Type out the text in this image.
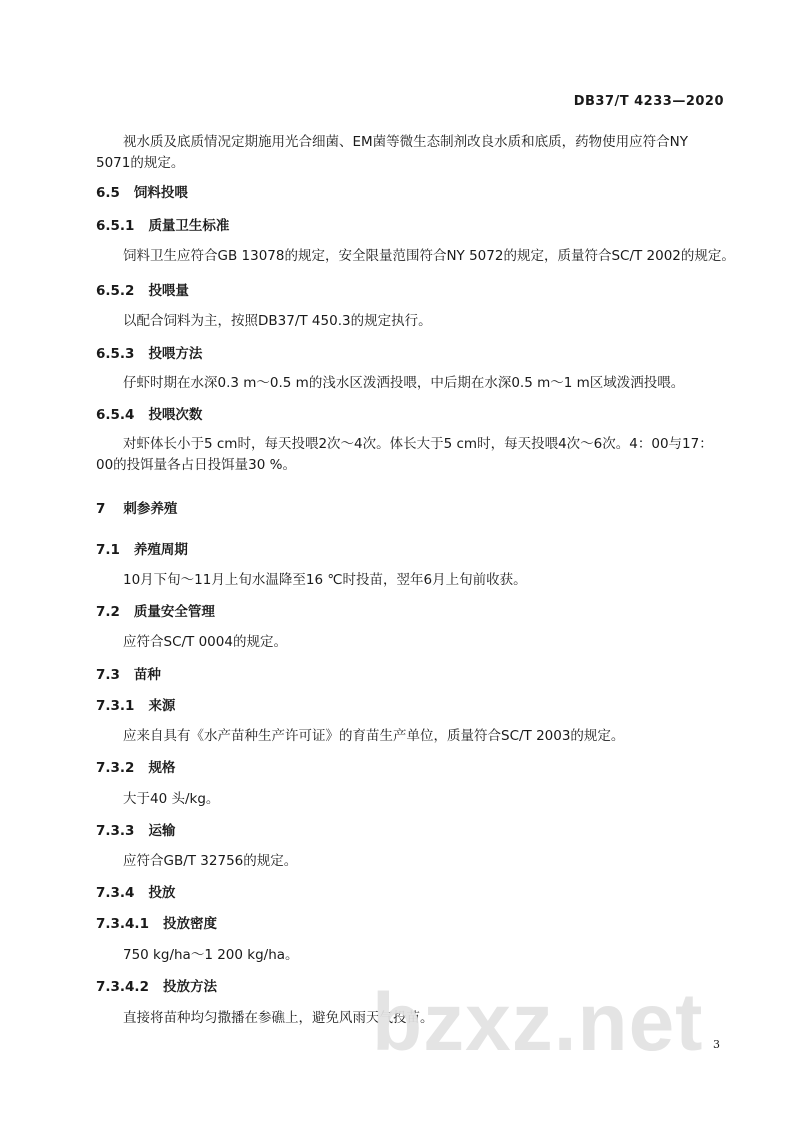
DB37/T 4233—2020
视水质及底质情况定期施用光合细菌、EM菌等微生态制剂改良水质和底质，药物使用应符合NY 5071的规定。
6.5 饲料投喂
6.5.1 质量卫生标准
饲料卫生应符合GB 13078的规定，安全限量范围符合NY 5072的规定，质量符合SC/T 2002的规定。
6.5.2 投喂量
以配合饲料为主，按照DB37/T 450.3的规定执行。
6.5.3 投喂方法
仔虾时期在水深0.3 m～0.5 m的浅水区泼洒投喂，中后期在水深0.5 m～1 m区域泼洒投喂。
6.5.4 投喂次数
对虾体长小于5 cm时，每天投喂2次～4次。体长大于5 cm时，每天投喂4次～6次。4：00与17：00的投饵量各占日投饵量30 %。
7 刺参养殖
7.1 养殖周期
10月下旬～11月上旬水温降至16 ℃时投苗，翌年6月上旬前收获。
7.2 质量安全管理
应符合SC/T 0004的规定。
7.3 苗种
7.3.1 来源
应来自具有《水产苗种生产许可证》的育苗生产单位，质量符合SC/T 2003的规定。
7.3.2 规格
大于40 头/kg。
7.3.3 运输
应符合GB/T 32756的规定。
7.3.4 投放
7.3.4.1 投放密度
750 kg/ha～1 200 kg/ha。
7.3.4.2 投放方法
直接将苗种均匀撒播在参礁上，避免风雨天气投苗。
bzxz.net 3
